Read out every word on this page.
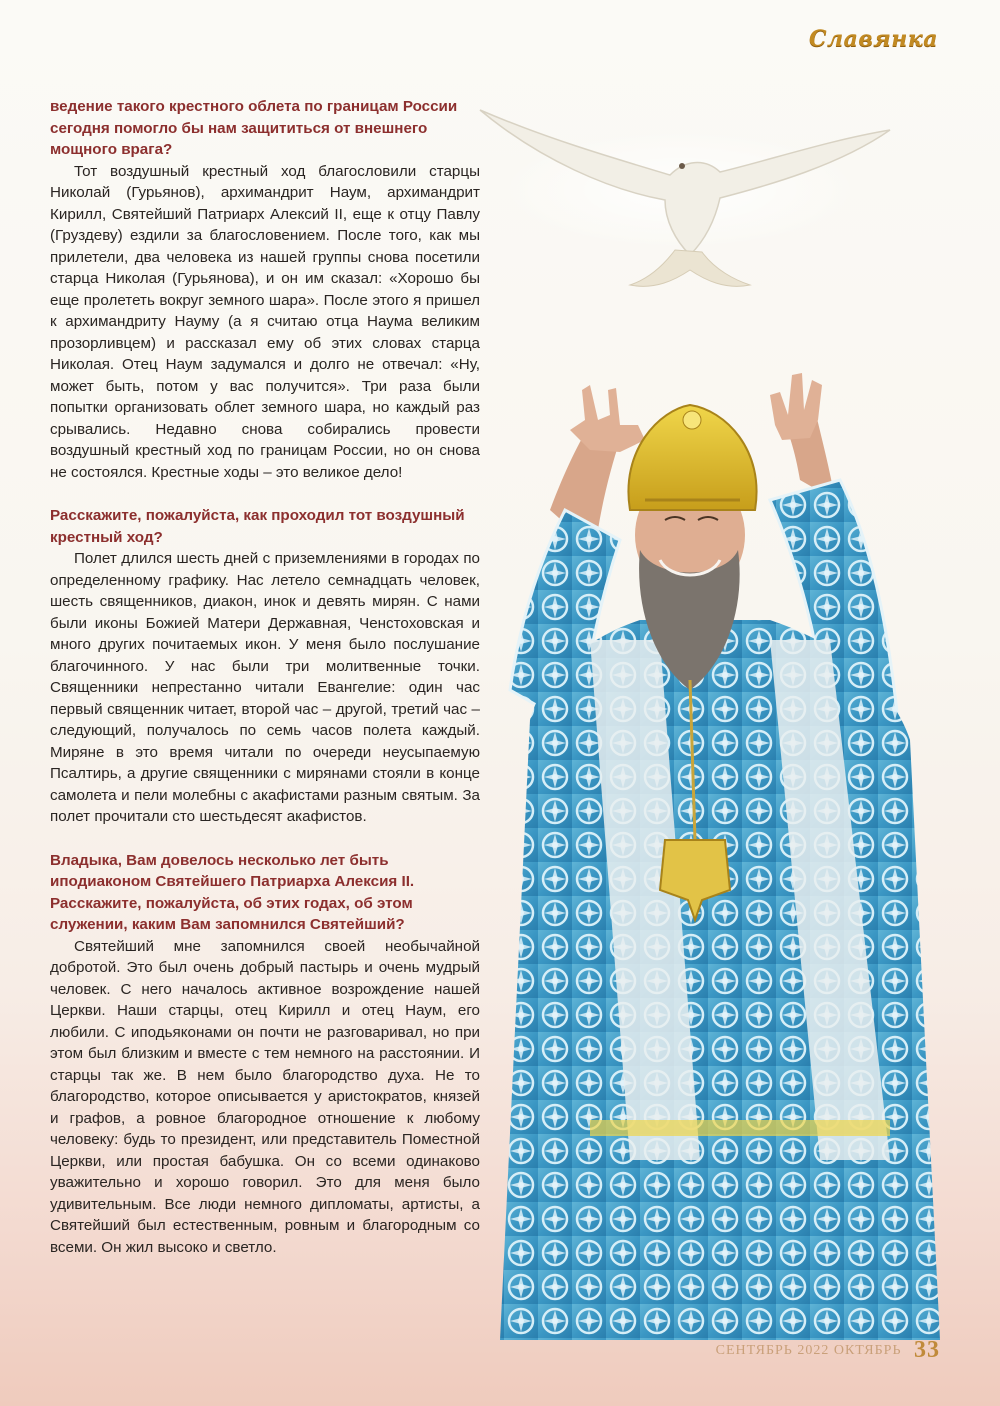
Славянка

ведение такого крестного облета по границам России сегодня помогло бы нам защититься от внешнего мощного врага?

Тот воздушный крестный ход благословили старцы Николай (Гурьянов), архимандрит Наум, архимандрит Кирилл, Святейший Патриарх Алексий II, еще к отцу Павлу (Груздеву) ездили за благословением. После того, как мы прилетели, два человека из нашей группы снова посетили старца Николая (Гурьянова), и он им сказал: «Хорошо бы еще пролететь вокруг земного шара». После этого я пришел к архимандриту Науму (а я считаю отца Наума великим прозорливцем) и рассказал ему об этих словах старца Николая. Отец Наум задумался и долго не отвечал: «Ну, может быть, потом у вас получится». Три раза были попытки организовать облет земного шара, но каждый раз срывались. Недавно снова собирались провести воздушный крестный ход по границам России, но он снова не состоялся. Крестные ходы – это великое дело!

Расскажите, пожалуйста, как проходил тот воздушный крестный ход?

Полет длился шесть дней с приземлениями в городах по определенному графику. Нас летело семнадцать человек, шесть священников, диакон, инок и девять мирян. С нами были иконы Божией Матери Державная, Ченстоховская и много других почитаемых икон. У меня было послушание благочинного. У нас были три молитвенные точки. Священники непрестанно читали Евангелие: один час первый священник читает, второй час – другой, третий час – следующий, получалось по семь часов полета каждый. Миряне в это время читали по очереди неусыпаемую Псалтирь, а другие священники с мирянами стояли в конце самолета и пели молебны с акафистами разным святым. За полет прочитали сто шестьдесят акафистов.

Владыка, Вам довелось несколько лет быть иподиаконом Святейшего Патриарха Алексия II. Расскажите, пожалуйста, об этих годах, об этом служении, каким Вам запомнился Святейший?

Святейший мне запомнился своей необычайной добротой. Это был очень добрый пастырь и очень мудрый человек. С него началось активное возрождение нашей Церкви. Наши старцы, отец Кирилл и отец Наум, его любили. С иподьяконами он почти не разговаривал, но при этом был близким и вместе с тем немного на расстоянии. И старцы так же. В нем было благородство духа. Не то благородство, которое описывается у аристократов, князей и графов, а ровное благородное отношение к любому человеку: будь то президент, или представитель Поместной Церкви, или простая бабушка. Он со всеми одинаково уважительно и хорошо говорил. Это для меня было удивительным. Все люди немного дипломаты, артисты, а Святейший был естественным, ровным и благородным со всеми. Он жил высоко и светло.

СЕНТЯБРЬ 2022 ОКТЯБРЬ 33
